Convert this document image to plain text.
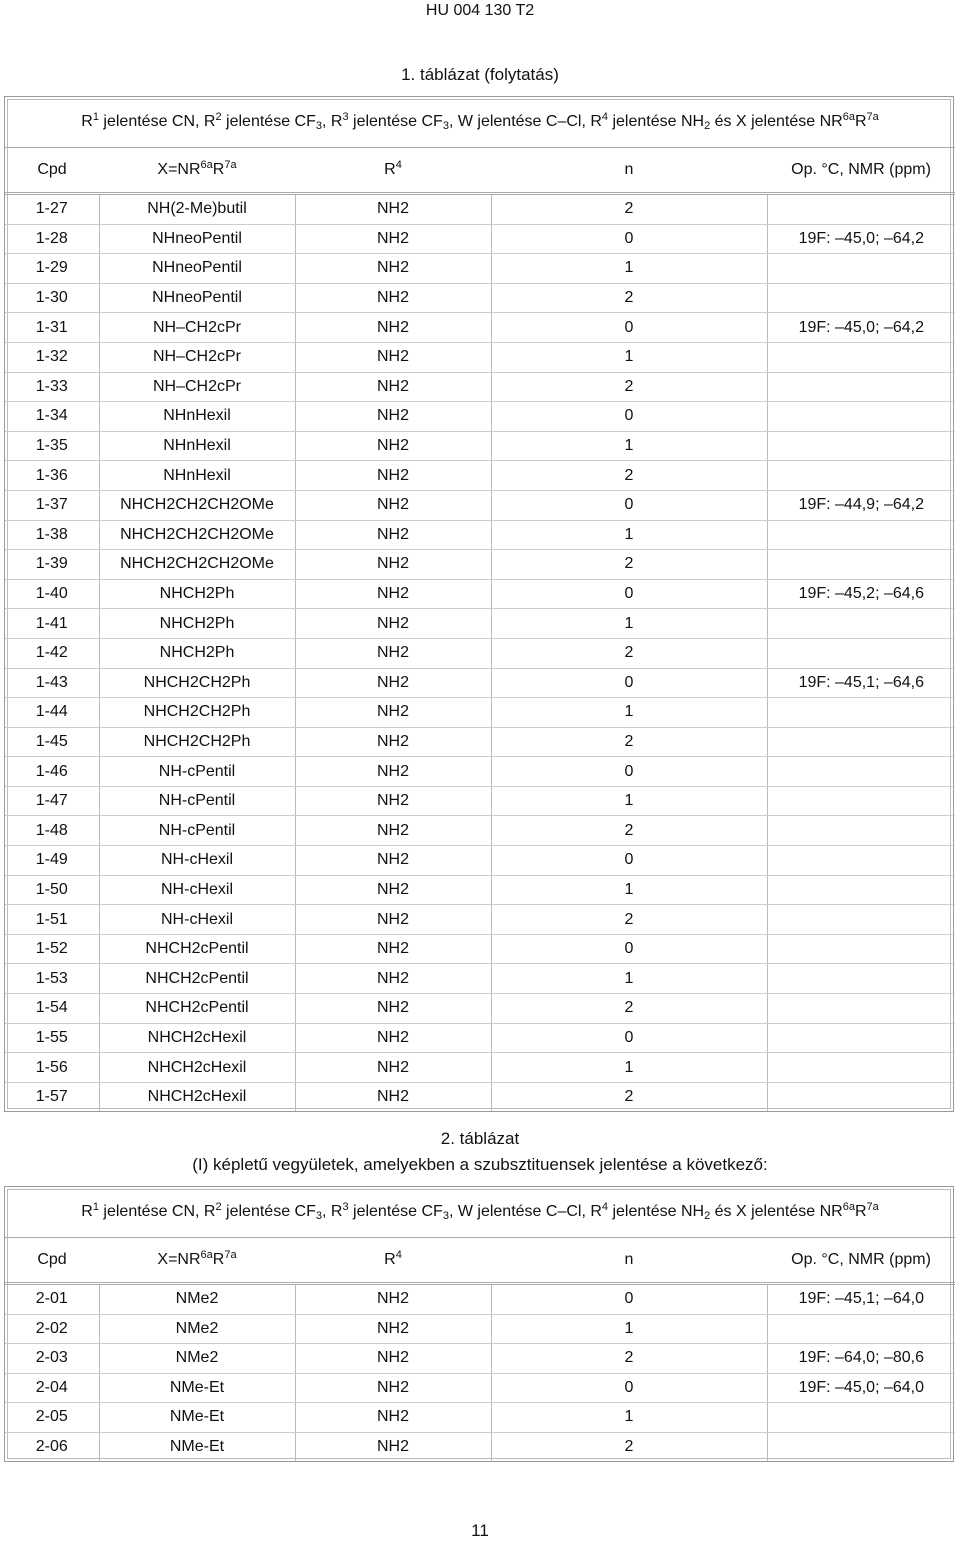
HU 004 130 T2
1. táblázat (folytatás)
$R^1$ jelentése CN, $R^2$ jelentése $CF_3$, $R^3$ jelentése $CF_3$, W jelentése C–Cl, $R^4$ jelentése $NH_2$ és X jelentése $NR^{6a}R^{7a}$
Cpd	$X=NR^{6a}R^{7a}$	$R^4$	n	Op. °C, NMR (ppm)
1-27	NH(2-Me)butil	NH2	2	
1-28	NHneoPentil	NH2	0	19F: –45,0; –64,2
1-29	NHneoPentil	NH2	1	
1-30	NHneoPentil	NH2	2	
1-31	NH–CH2cPr	NH2	0	19F: –45,0; –64,2
1-32	NH–CH2cPr	NH2	1	
1-33	NH–CH2cPr	NH2	2	
1-34	NHnHexil	NH2	0	
1-35	NHnHexil	NH2	1	
1-36	NHnHexil	NH2	2	
1-37	NHCH2CH2CH2OMe	NH2	0	19F: –44,9; –64,2
1-38	NHCH2CH2CH2OMe	NH2	1	
1-39	NHCH2CH2CH2OMe	NH2	2	
1-40	NHCH2Ph	NH2	0	19F: –45,2; –64,6
1-41	NHCH2Ph	NH2	1	
1-42	NHCH2Ph	NH2	2	
1-43	NHCH2CH2Ph	NH2	0	19F: –45,1; –64,6
1-44	NHCH2CH2Ph	NH2	1	
1-45	NHCH2CH2Ph	NH2	2	
1-46	NH-cPentil	NH2	0	
1-47	NH-cPentil	NH2	1	
1-48	NH-cPentil	NH2	2	
1-49	NH-cHexil	NH2	0	
1-50	NH-cHexil	NH2	1	
1-51	NH-cHexil	NH2	2	
1-52	NHCH2cPentil	NH2	0	
1-53	NHCH2cPentil	NH2	1	
1-54	NHCH2cPentil	NH2	2	
1-55	NHCH2cHexil	NH2	0	
1-56	NHCH2cHexil	NH2	1	
1-57	NHCH2cHexil	NH2	2	
2. táblázat
(I) képletű vegyületek, amelyekben a szubsztituensek jelentése a következő:
$R^1$ jelentése CN, $R^2$ jelentése $CF_3$, $R^3$ jelentése $CF_3$, W jelentése C–Cl, $R^4$ jelentése $NH_2$ és X jelentése $NR^{6a}R^{7a}$
Cpd	$X=NR^{6a}R^{7a}$	$R^4$	n	Op. °C, NMR (ppm)
2-01	NMe2	NH2	0	19F: –45,1; –64,0
2-02	NMe2	NH2	1	
2-03	NMe2	NH2	2	19F: –64,0; –80,6
2-04	NMe-Et	NH2	0	19F: –45,0; –64,0
2-05	NMe-Et	NH2	1	
2-06	NMe-Et	NH2	2	
11
